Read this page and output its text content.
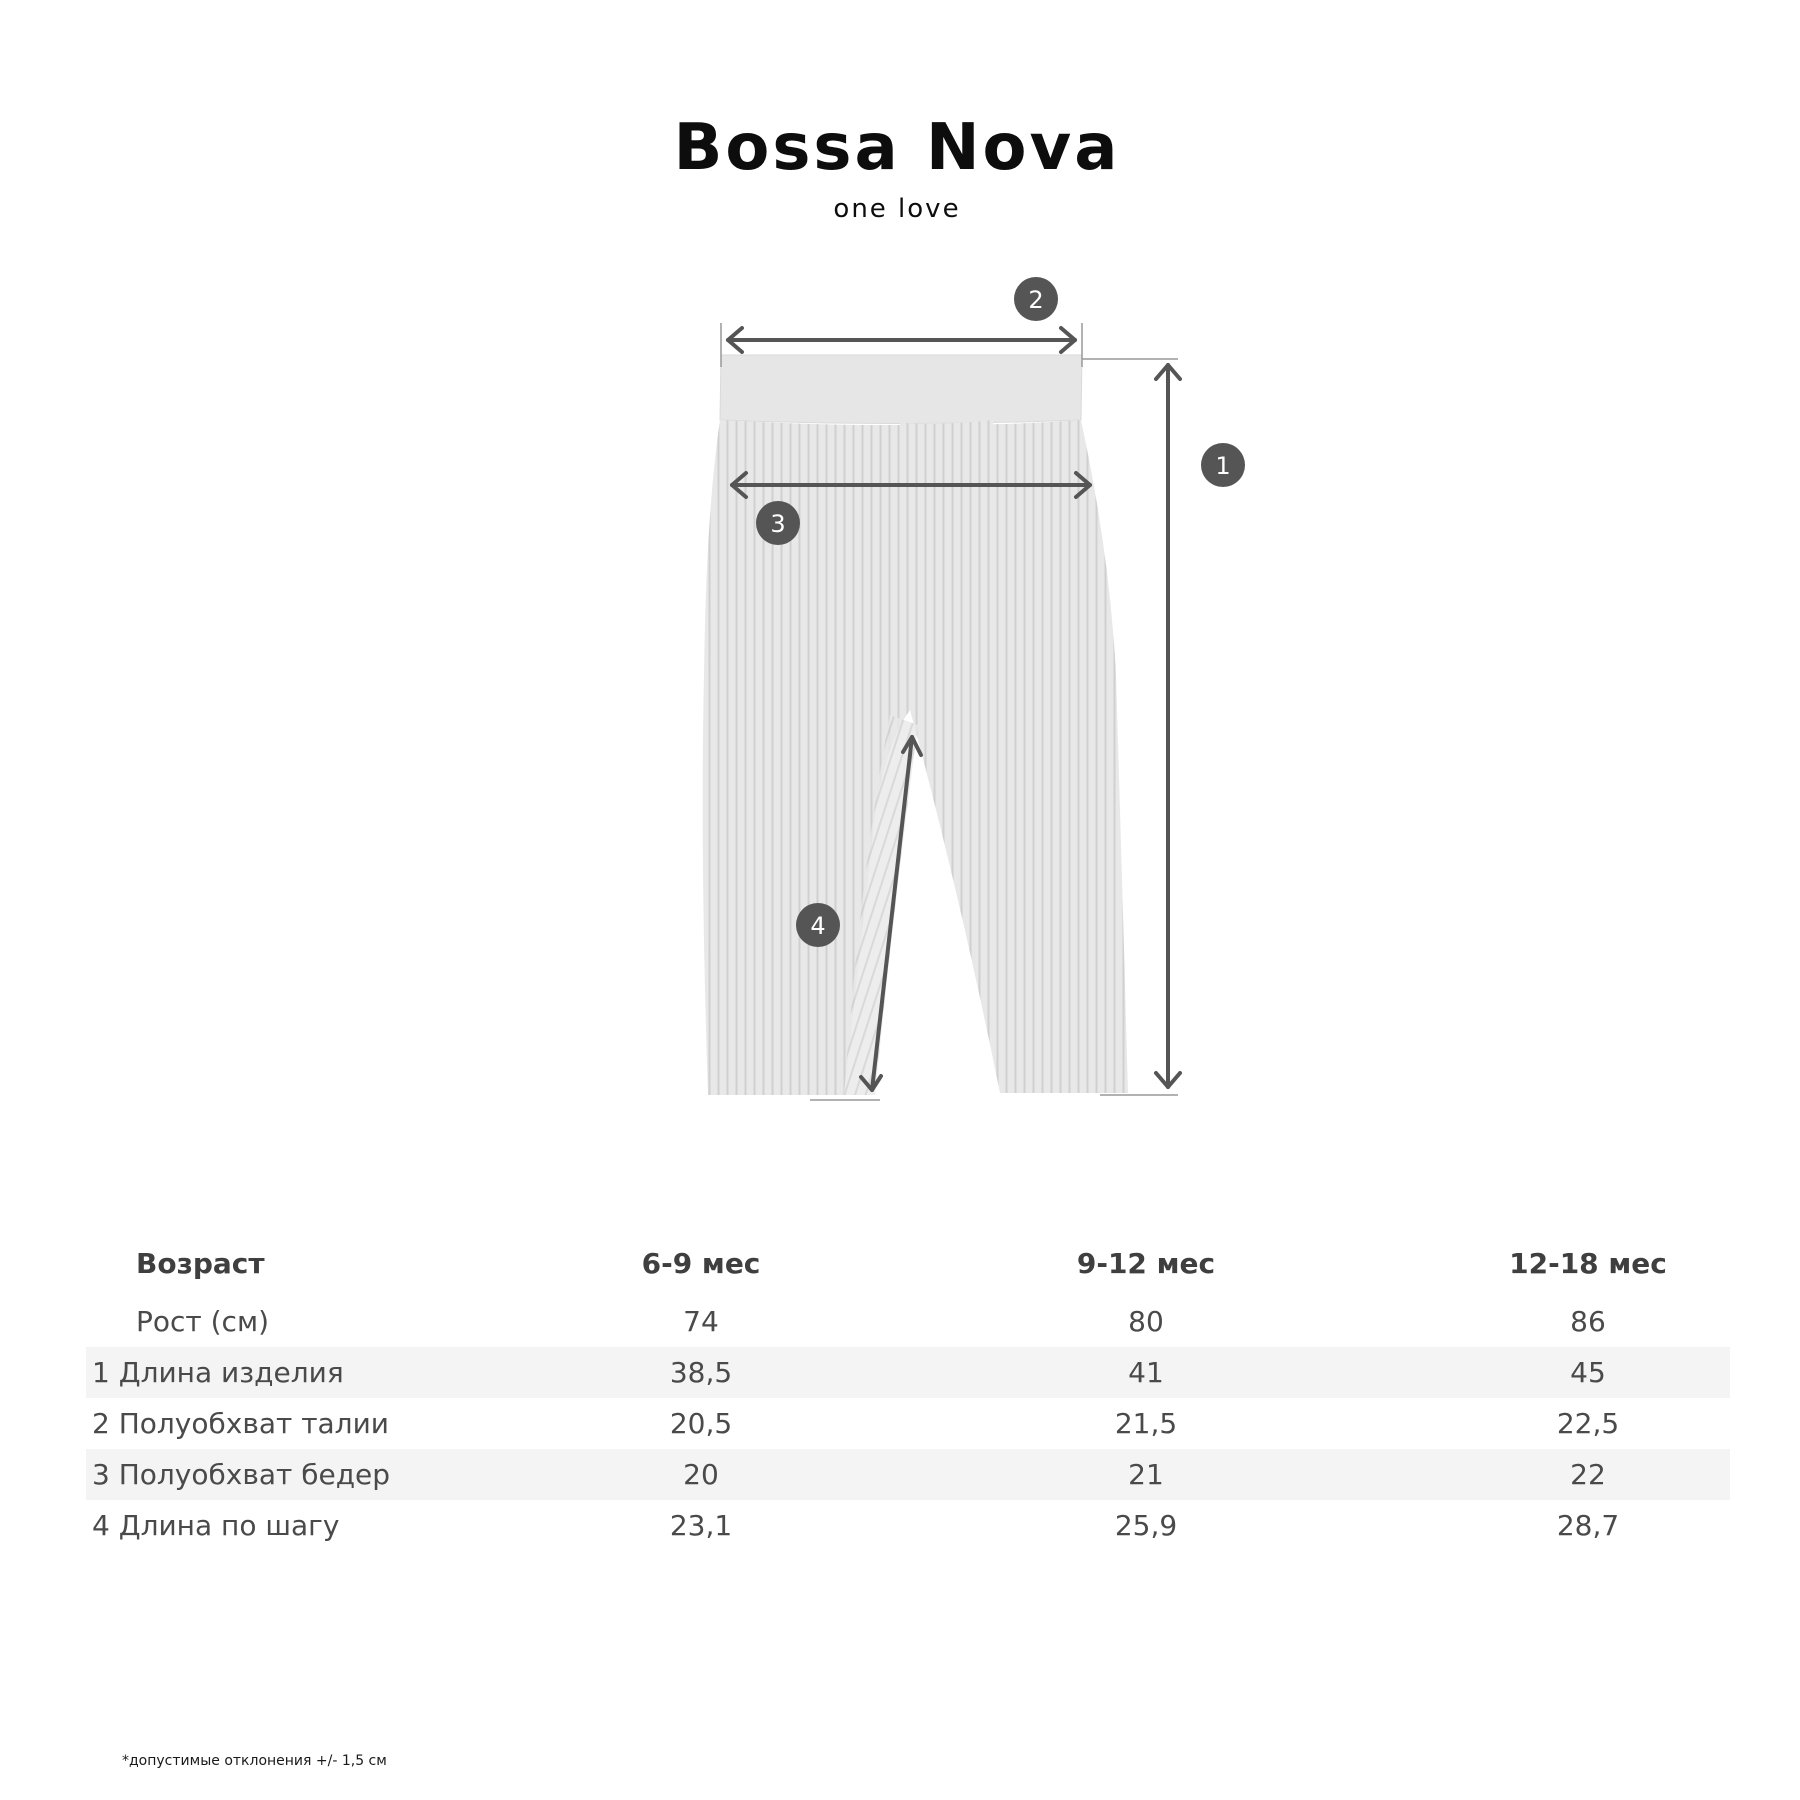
Bossa Nova
one love
1
2
3
4
Возраст	6-9 мес	9-12 мес	12-18 мес
Рост (см)	74	80	86
1 Длина изделия	38,5	41	45
2 Полуобхват талии	20,5	21,5	22,5
3 Полуобхват бедер	20	21	22
4 Длина по шагу	23,1	25,9	28,7
*допустимые отклонения +/- 1,5 см
